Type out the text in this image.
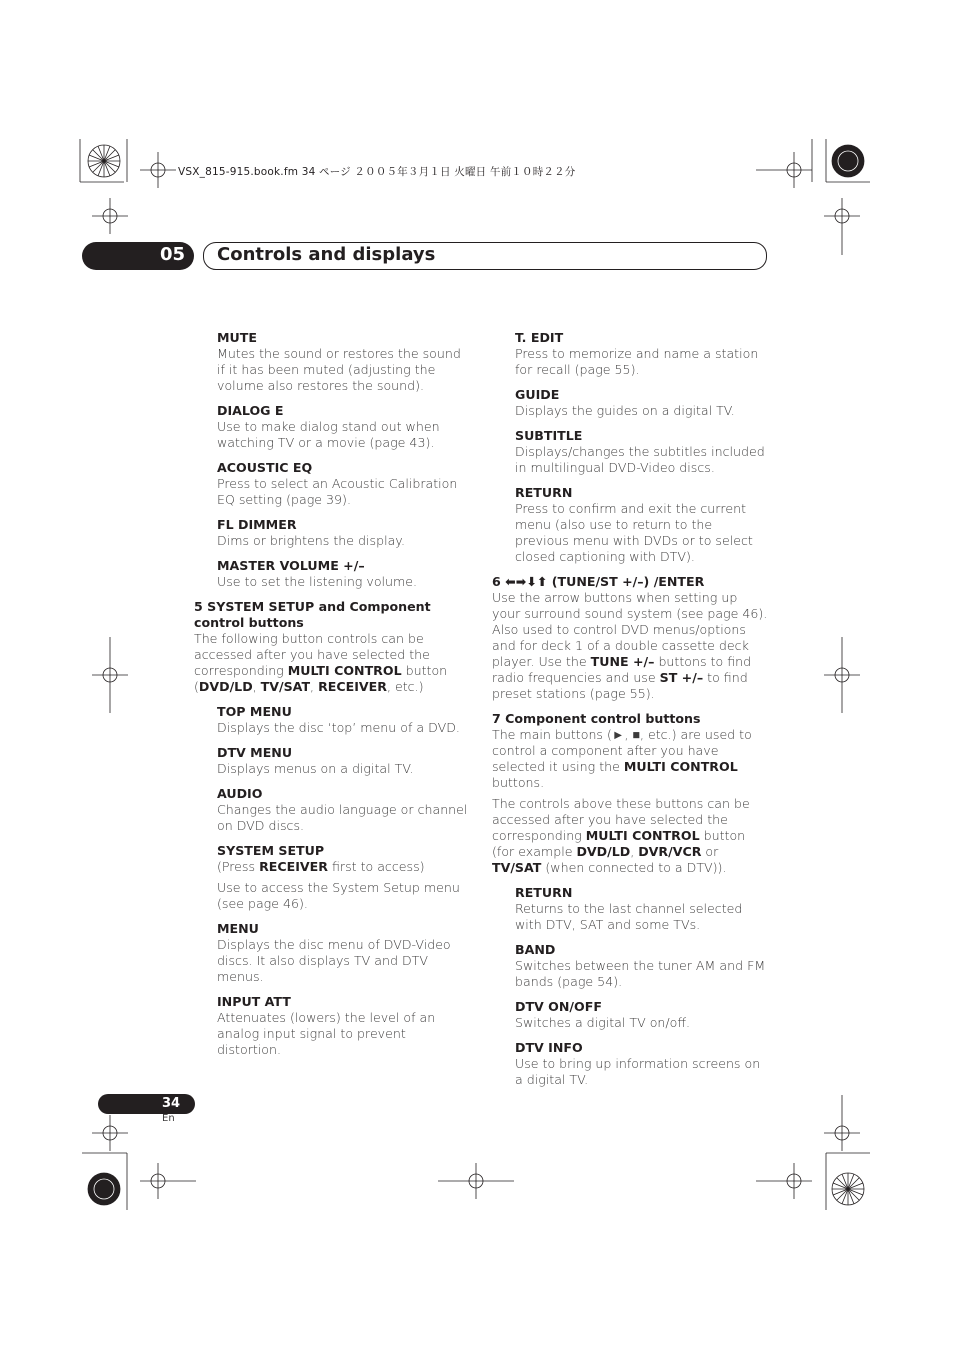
VSX_815-915.book.fm 34 ページ ２００５年３月１日 火曜日 午前１０時２２分
05 Controls and displays
MUTE
Mutes the sound or restores the sound if it has been muted (adjusting the volume also restores the sound).
DIALOG E
Use to make dialog stand out when watching TV or a movie (page 43).
ACOUSTIC EQ
Press to select an Acoustic Calibration EQ setting (page 39).
FL DIMMER
Dims or brightens the display.
MASTER VOLUME +/–
Use to set the listening volume.
5 SYSTEM SETUP and Component control buttons
The following button controls can be accessed after you have selected the corresponding MULTI CONTROL button (DVD/LD, TV/SAT, RECEIVER, etc.)
TOP MENU
Displays the disc ‘top’ menu of a DVD.
DTV MENU
Displays menus on a digital TV.
AUDIO
Changes the audio language or channel on DVD discs.
SYSTEM SETUP
(Press RECEIVER first to access)
Use to access the System Setup menu (see page 46).
MENU
Displays the disc menu of DVD-Video discs. It also displays TV and DTV menus.
INPUT ATT
Attenuates (lowers) the level of an analog input signal to prevent distortion.
T. EDIT
Press to memorize and name a station for recall (page 55).
GUIDE
Displays the guides on a digital TV.
SUBTITLE
Displays/changes the subtitles included in multilingual DVD-Video discs.
RETURN
Press to confirm and exit the current menu (also use to return to the previous menu with DVDs or to select closed captioning with DTV).
6 ⬅➡⬇⬆ (TUNE/ST +/–) /ENTER
Use the arrow buttons when setting up your surround sound system (see page 46). Also used to control DVD menus/options and for deck 1 of a double cassette deck player. Use the TUNE +/– buttons to find radio frequencies and use ST +/– to find preset stations (page 55).
7 Component control buttons
The main buttons (►, ■, etc.) are used to control a component after you have selected it using the MULTI CONTROL buttons.
The controls above these buttons can be accessed after you have selected the corresponding MULTI CONTROL button (for example DVD/LD, DVR/VCR or TV/SAT (when connected to a DTV)).
RETURN
Returns to the last channel selected with DTV, SAT and some TVs.
BAND
Switches between the tuner AM and FM bands (page 54).
DTV ON/OFF
Switches a digital TV on/off.
DTV INFO
Use to bring up information screens on a digital TV.
34
En
